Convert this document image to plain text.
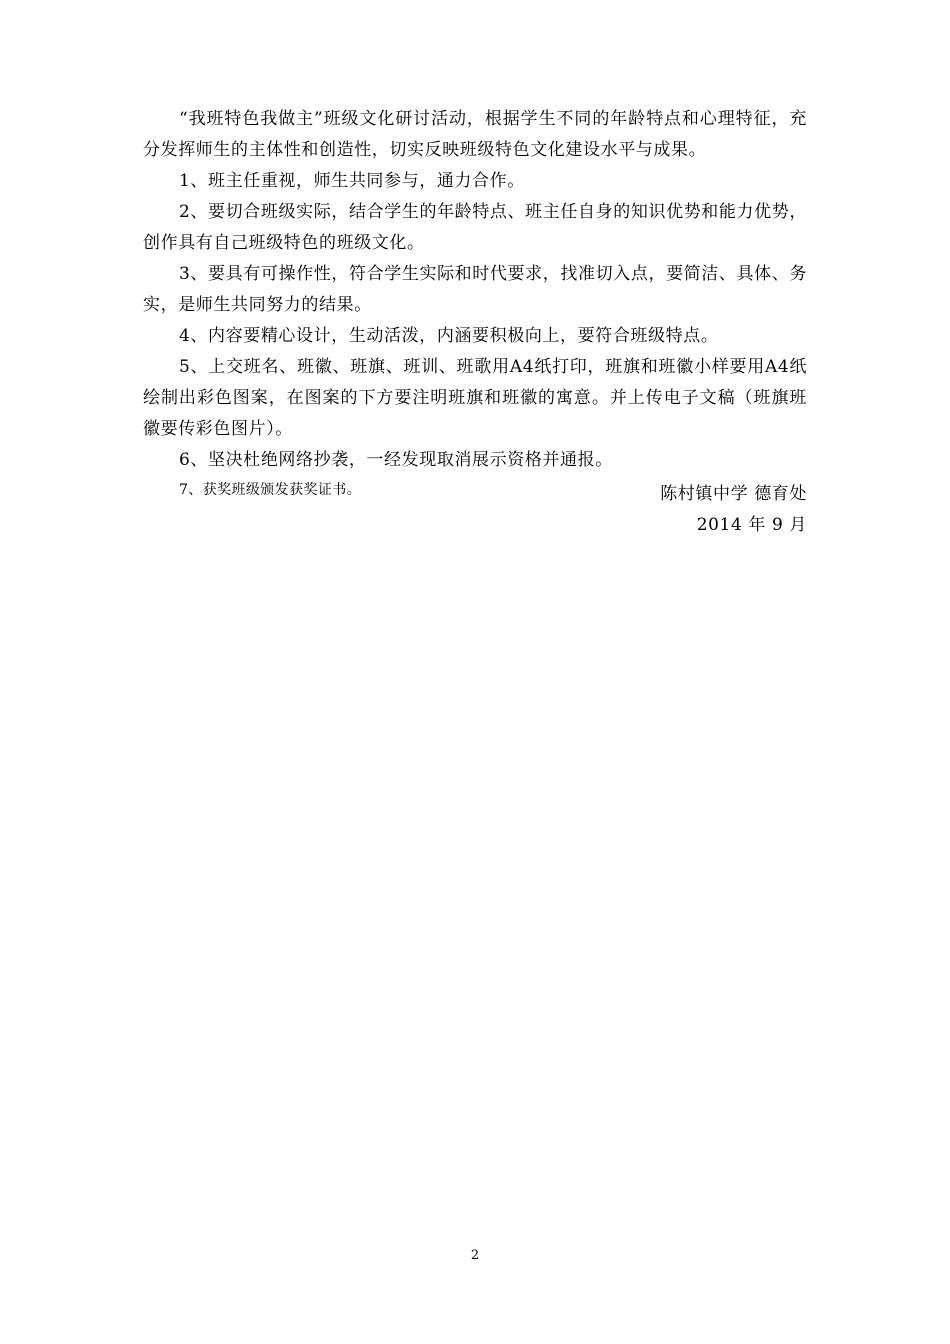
“我班特色我做主”班级文化研讨活动，根据学生不同的年龄特点和心理特征，充分发挥师生的主体性和创造性，切实反映班级特色文化建设水平与成果。

1、班主任重视，师生共同参与，通力合作。

2、要切合班级实际，结合学生的年龄特点、班主任自身的知识优势和能力优势，创作具有自己班级特色的班级文化。

3、要具有可操作性，符合学生实际和时代要求，找准切入点，要简洁、具体、务实，是师生共同努力的结果。

4、内容要精心设计，生动活泼，内涵要积极向上，要符合班级特点。

5、上交班名、班徽、班旗、班训、班歌用A4纸打印，班旗和班徽小样要用A4纸绘制出彩色图案，在图案的下方要注明班旗和班徽的寓意。并上传电子文稿（班旗班徽要传彩色图片）。

6、坚决杜绝网络抄袭，一经发现取消展示资格并通报。

7、获奖班级颁发获奖证书。	陈村镇中学 德育处
2014 年 9 月
2
